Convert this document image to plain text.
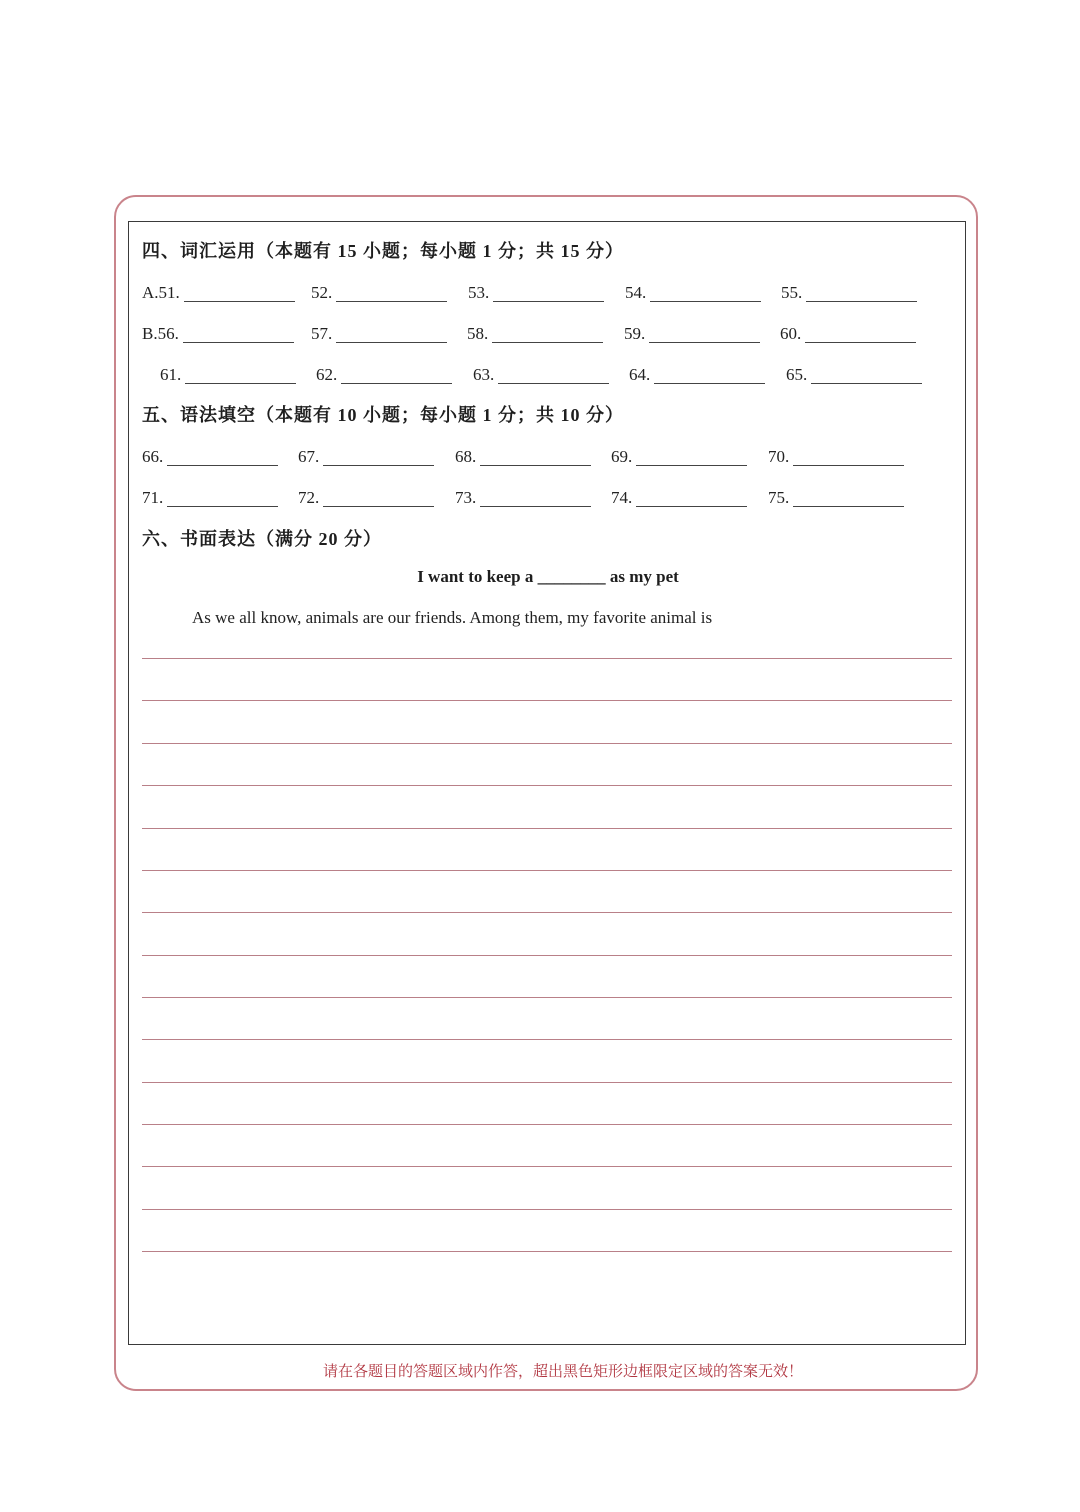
四、词汇运用（本题有 15 小题；每小题 1 分；共 15 分）
A.51.	52.	53.	54.	55.
B.56.	57.	58.	59.	60.
61.	62.	63.	64.	65.
五、语法填空（本题有 10 小题；每小题 1 分；共 10 分）
66.	67.	68.	69.	70.
71.	72.	73.	74.	75.
六、书面表达（满分 20 分）
I want to keep a ________ as my pet
As we all know, animals are our friends. Among them, my favorite animal is
请在各题目的答题区域内作答，超出黑色矩形边框限定区域的答案无效！
